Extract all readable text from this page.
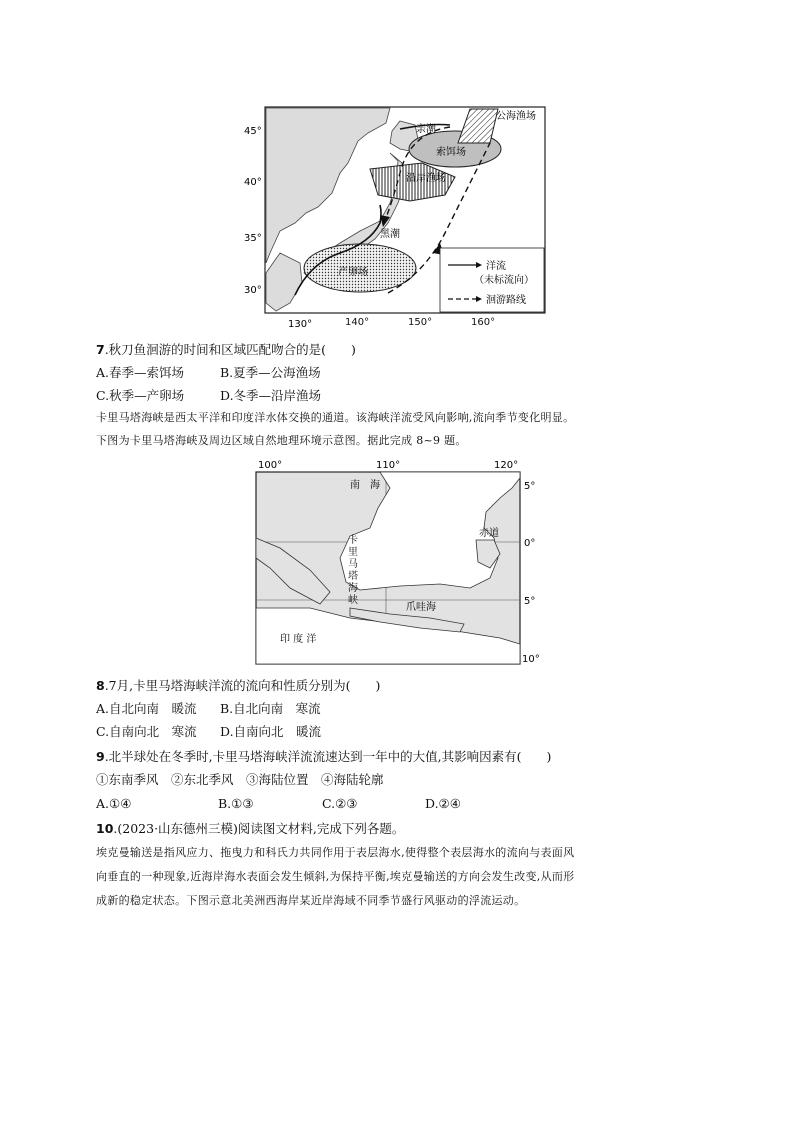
45°
40°
35°
30°
130°
亲潮
公海渔场
索饵场
沿岸渔场
黑潮
产卵场
洋流
（未标流向）
洄游路线
140°	150°	160°
7.秋刀鱼洄游的时间和区域匹配吻合的是(　　)
A.春季—索饵场	B.夏季—公海渔场
C.秋季—产卵场	D.冬季—沿岸渔场
卡里马塔海峡是西太平洋和印度洋水体交换的通道。该海峡洋流受风向影响,流向季节变化明显。
下图为卡里马塔海峡及周边区域自然地理环境示意图。据此完成 8~9 题。
100°	110°	120°
5°
0°
5°
10°
南　海
赤道
爪哇海
印 度 洋
卡里马塔海峡
8.7月,卡里马塔海峡洋流的流向和性质分别为(　　)
A.自北向南　暖流 B.自北向南　寒流
C.自南向北　寒流 D.自南向北　暖流
9.北半球处在冬季时,卡里马塔海峡洋流流速达到一年中的大值,其影响因素有(　　)
①东南季风　②东北季风　③海陆位置　④海陆轮廓
A.①④	B.①③	C.②③	D.②④
10.(2023·山东德州三模)阅读图文材料,完成下列各题。
埃克曼输送是指风应力、拖曳力和科氏力共同作用于表层海水,使得整个表层海水的流向与表面风
向垂直的一种现象,近海岸海水表面会发生倾斜,为保持平衡,埃克曼输送的方向会发生改变,从而形
成新的稳定状态。下图示意北美洲西海岸某近岸海域不同季节盛行风驱动的浮流运动。
